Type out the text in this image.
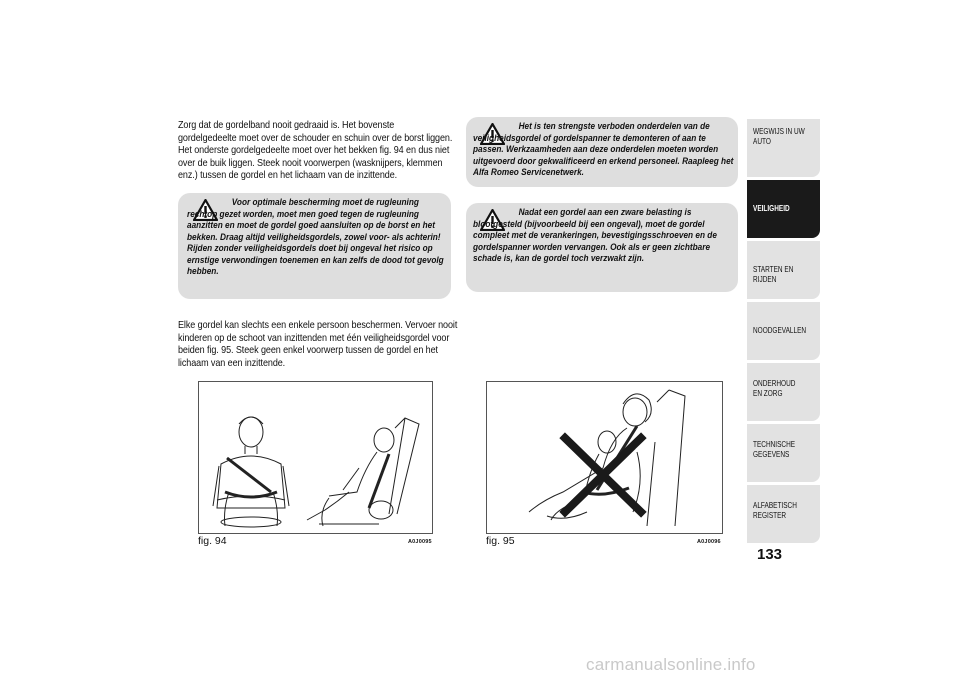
Zorg dat de gordelband nooit gedraaid is. Het bovenste gordelgedeelte moet over de schouder en schuin over de borst liggen. Het onderste gordelgedeelte moet over het bekken fig. 94 en dus niet over de buik liggen. Steek nooit voorwerpen (wasknijpers, klemmen enz.) tussen de gordel en het lichaam van de inzittende.
Voor optimale bescherming moet de rugleuning rechtop gezet worden, moet men goed tegen de rugleuning aanzitten en moet de gordel goed aansluiten op de borst en het bekken. Draag altijd veiligheidsgordels, zowel voor- als achterin! Rijden zonder veiligheidsgordels doet bij ongeval het risico op ernstige verwondingen toenemen en kan zelfs de dood tot gevolg hebben.
Elke gordel kan slechts een enkele persoon beschermen. Vervoer nooit kinderen op de schoot van inzittenden met één veiligheidsgordel voor beiden fig. 95. Steek geen enkel voorwerp tussen de gordel en het lichaam van een inzittende.
Het is ten strengste verboden onderdelen van de veiligheidsgordel of gordelspanner te demonteren of aan te passen. Werkzaamheden aan deze onderdelen moeten worden uitgevoerd door gekwalificeerd en erkend personeel. Raapleeg het Alfa Romeo Servicenetwerk.
Nadat een gordel aan een zware belasting is blootgesteld (bijvoorbeeld bij een ongeval), moet de gordel compleet met de verankeringen, bevestigingsschroeven en de gordelspanner worden vervangen. Ook als er geen zichtbare schade is, kan de gordel toch verzwakt zijn.
fig. 94	A0J0095	fig. 95	A0J0096
WEGWIJS IN UW AUTO
VEILIGHEID
STARTEN EN RIJDEN
NOODGEVALLEN
ONDERHOUD EN ZORG
TECHNISCHE GEGEVENS
ALFABETISCH REGISTER
133
carmanualsonline.info
